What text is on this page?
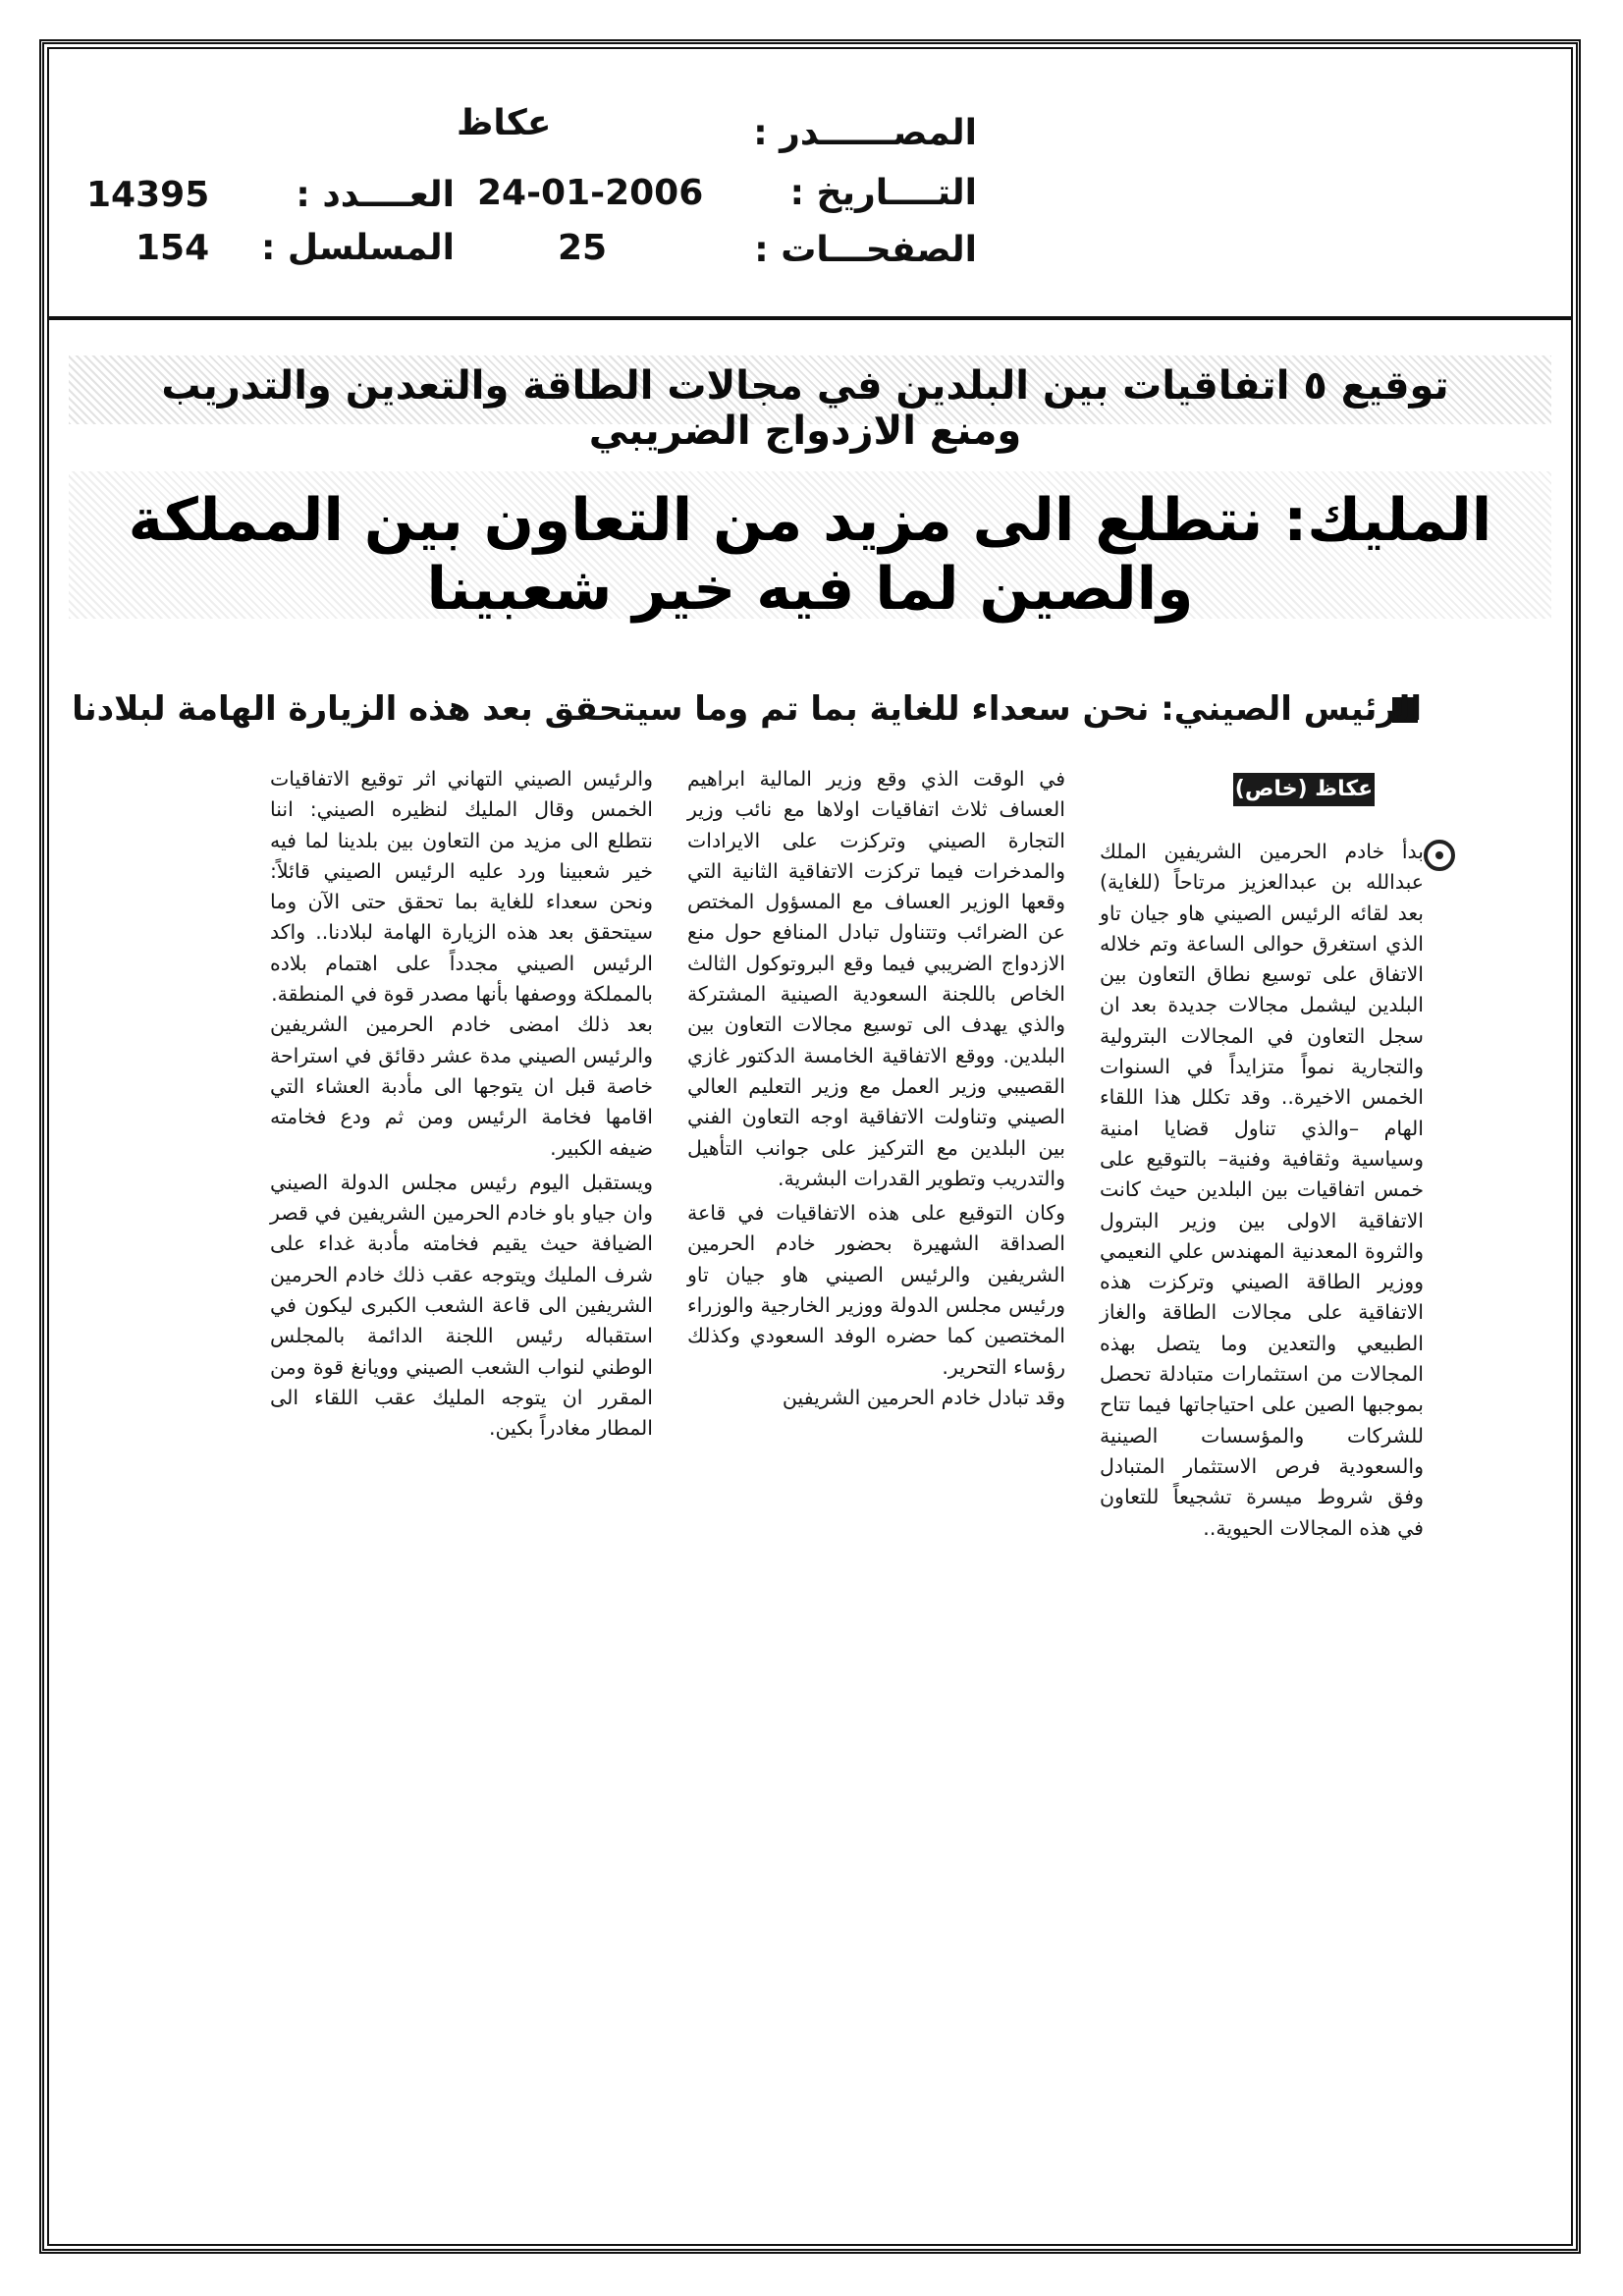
عكاظ	المصــــــدر :
14395	العــــدد : 24-01-2006	التــــاريخ :
154 المسلسل :	25	الصفحـــات :
توقيع ٥ اتفاقيات بين البلدين في مجالات الطاقة والتعدين والتدريب ومنع الازدواج الضريبي
المليك: نتطلع الى مزيد من التعاون بين المملكة والصين لما فيه خير شعبينا
الرئيس الصيني: نحن سعداء للغاية بما تم وما سيتحقق بعد هذه الزيارة الهامة لبلادنا
عكاظ (خاص)

بدأ خادم الحرمين الشريفين الملك عبدالله بن عبدالعزيز مرتاحاً (للغاية) بعد لقائه الرئيس الصيني هاو جيان تاو الذي استغرق حوالى الساعة وتم خلاله الاتفاق على توسيع نطاق التعاون بين البلدين ليشمل مجالات جديدة بعد ان سجل التعاون في المجالات البترولية والتجارية نمواً متزايداً في السنوات الخمس الاخيرة.. وقد تكلل هذا اللقاء الهام –والذي تناول قضايا امنية وسياسية وثقافية وفنية– بالتوقيع على خمس اتفاقيات بين البلدين حيث كانت الاتفاقية الاولى بين وزير البترول والثروة المعدنية المهندس علي النعيمي ووزير الطاقة الصيني وتركزت هذه الاتفاقية على مجالات الطاقة والغاز الطبيعي والتعدين وما يتصل بهذه المجالات من استثمارات متبادلة تحصل بموجبها الصين على احتياجاتها فيما تتاح للشركات والمؤسسات الصينية والسعودية فرص الاستثمار المتبادل وفق شروط ميسرة تشجيعاً للتعاون في هذه المجالات الحيوية..

في الوقت الذي وقع وزير المالية ابراهيم العساف ثلاث اتفاقيات اولاها مع نائب وزير التجارة الصيني وتركزت على الايرادات والمدخرات فيما تركزت الاتفاقية الثانية التي وقعها الوزير العساف مع المسؤول المختص عن الضرائب وتتناول تبادل المنافع حول منع الازدواج الضريبي فيما وقع البروتوكول الثالث الخاص باللجنة السعودية الصينية المشتركة والذي يهدف الى توسيع مجالات التعاون بين البلدين. ووقع الاتفاقية الخامسة الدكتور غازي القصيبي وزير العمل مع وزير التعليم العالي الصيني وتناولت الاتفاقية اوجه التعاون الفني بين البلدين مع التركيز على جوانب التأهيل والتدريب وتطوير القدرات البشرية.

وكان التوقيع على هذه الاتفاقيات في قاعة الصداقة الشهيرة بحضور خادم الحرمين الشريفين والرئيس الصيني هاو جيان تاو ورئيس مجلس الدولة ووزير الخارجية والوزراء المختصين كما حضره الوفد السعودي وكذلك رؤساء التحرير.

وقد تبادل خادم الحرمين الشريفين

والرئيس الصيني التهاني اثر توقيع الاتفاقيات الخمس وقال المليك لنظيره الصيني: اننا نتطلع الى مزيد من التعاون بين بلدينا لما فيه خير شعبينا ورد عليه الرئيس الصيني قائلاً: ونحن سعداء للغاية بما تحقق حتى الآن وما سيتحقق بعد هذه الزيارة الهامة لبلادنا.. واكد الرئيس الصيني مجدداً على اهتمام بلاده بالمملكة ووصفها بأنها مصدر قوة في المنطقة.

بعد ذلك امضى خادم الحرمين الشريفين والرئيس الصيني مدة عشر دقائق في استراحة خاصة قبل ان يتوجها الى مأدبة العشاء التي اقامها فخامة الرئيس ومن ثم ودع فخامته ضيفه الكبير.

ويستقبل اليوم رئيس مجلس الدولة الصيني وان جياو باو خادم الحرمين الشريفين في قصر الضيافة حيث يقيم فخامته مأدبة غداء على شرف المليك ويتوجه عقب ذلك خادم الحرمين الشريفين الى قاعة الشعب الكبرى ليكون في استقباله رئيس اللجنة الدائمة بالمجلس الوطني لنواب الشعب الصيني وويانغ قوة ومن المقرر ان يتوجه المليك عقب اللقاء الى المطار مغادراً بكين.
